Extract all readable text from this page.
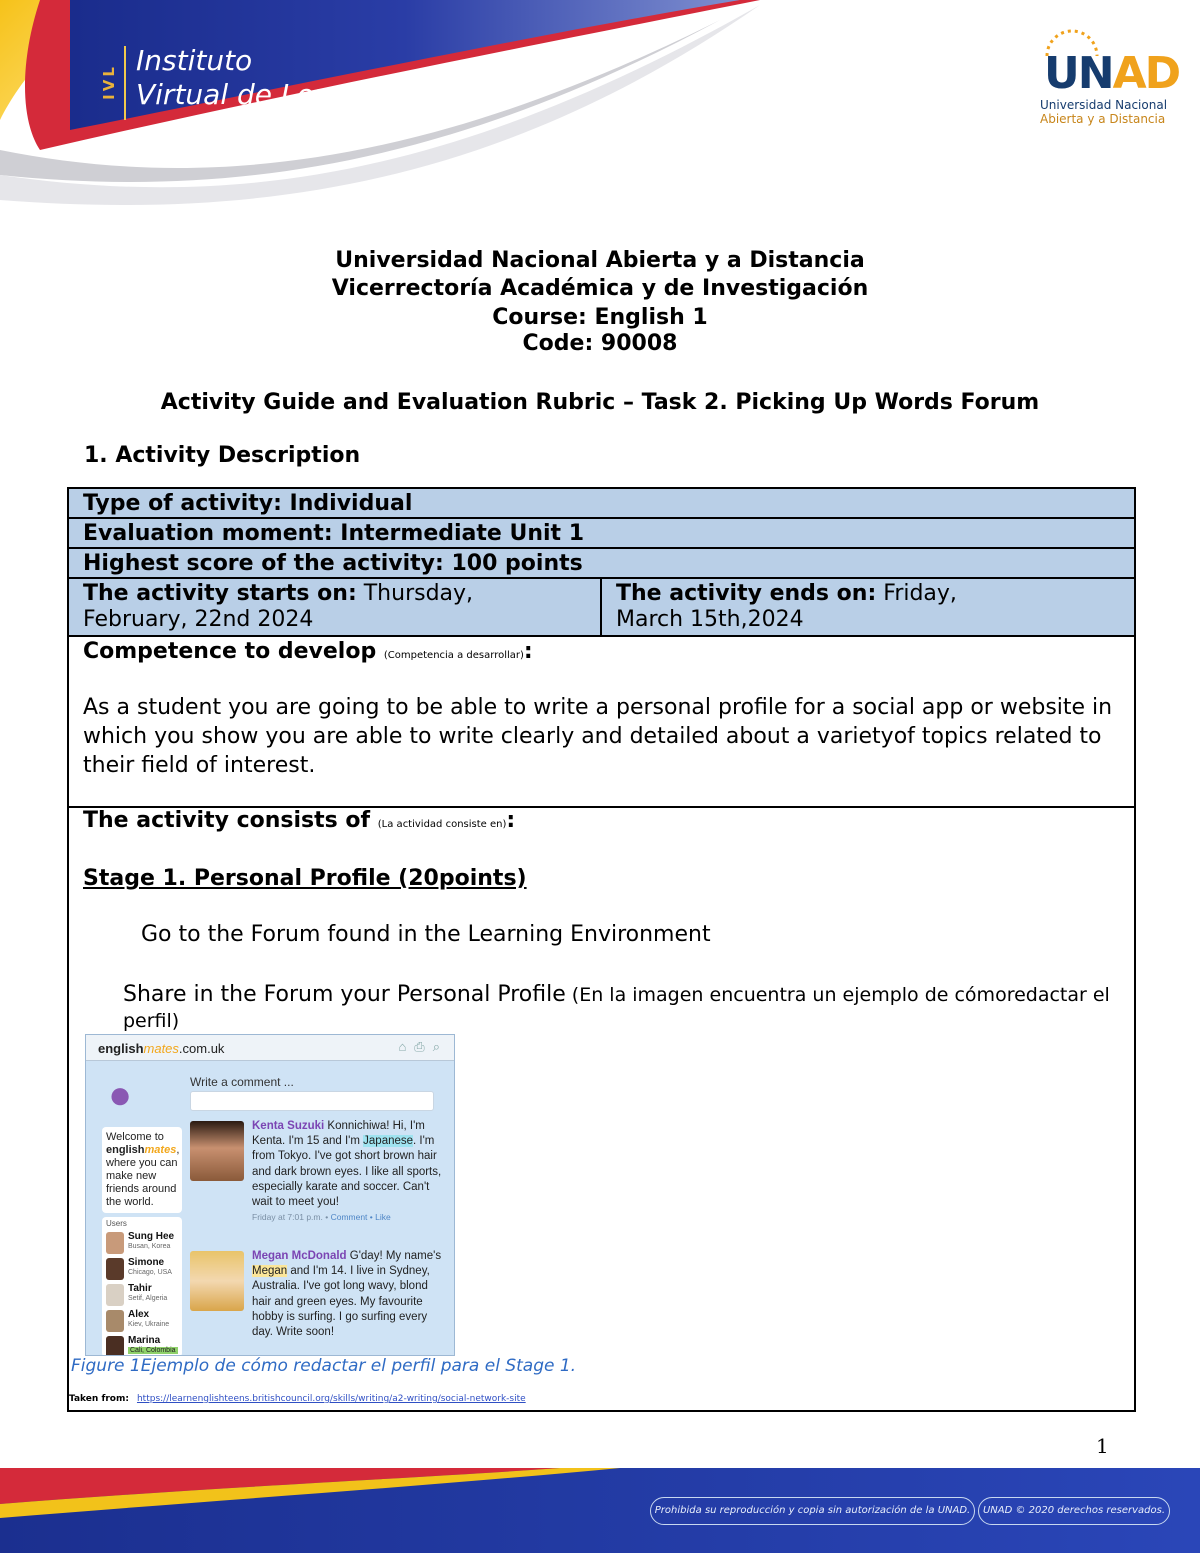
IVL
Instituto
Virtual de Lenguas	UNAD
Universidad Nacional
Abierta y a Distancia
Universidad Nacional Abierta y a Distancia
Vicerrectoría Académica y de Investigación
Course: English 1
Code: 90008
Activity Guide and Evaluation Rubric – Task 2. Picking Up Words Forum
1. Activity Description
Type of activity: Individual
Evaluation moment: Intermediate Unit 1
Highest score of the activity: 100 points
The activity starts on: Thursday,
February, 22nd 2024
The activity ends on: Friday,
March 15th,2024
Competence to develop (Competencia a desarrollar):
As a student you are going to be able to write a personal profile for a social app or website in which you show you are able to write clearly and detailed about a varietyof topics related to their field of interest.
The activity consists of (La actividad consiste en):
Stage 1. Personal Profile (20points)
Go to the Forum found in the Learning Environment
Share in the Forum your Personal Profile (En la imagen encuentra un ejemplo de cómoredactar el perfil)
englishmates.com.uk	⌂⎙⌕
●	Write a comment ...
Welcome to englishmates, where you can make new friends around the world.
Users
Sung Hee
Busan, Korea
Simone
Chicago, USA
Tahir
Setif, Algeria
Alex
Kiev, Ukraine
Marina
Cali, Colombia
Kenta Suzuki Konnichiwa! Hi, I'm Kenta. I'm 15 and I'm Japanese. I'm from Tokyo. I've got short brown hair and dark brown eyes. I like all sports, especially karate and soccer. Can't wait to meet you!
Friday at 7:01 p.m. • Comment • Like
Megan McDonald G'day! My name's Megan and I'm 14. I live in Sydney, Australia. I've got long wavy, blond hair and green eyes. My favourite hobby is surfing. I go surfing every day. Write soon!
Figure 1Ejemplo de cómo redactar el perfil para el Stage 1.
Taken from: https://learnenglishteens.britishcouncil.org/skills/writing/a2-writing/social-network-site
1
Prohibida su reproducción y copia sin autorización de la UNAD.	UNAD © 2020 derechos reservados.
